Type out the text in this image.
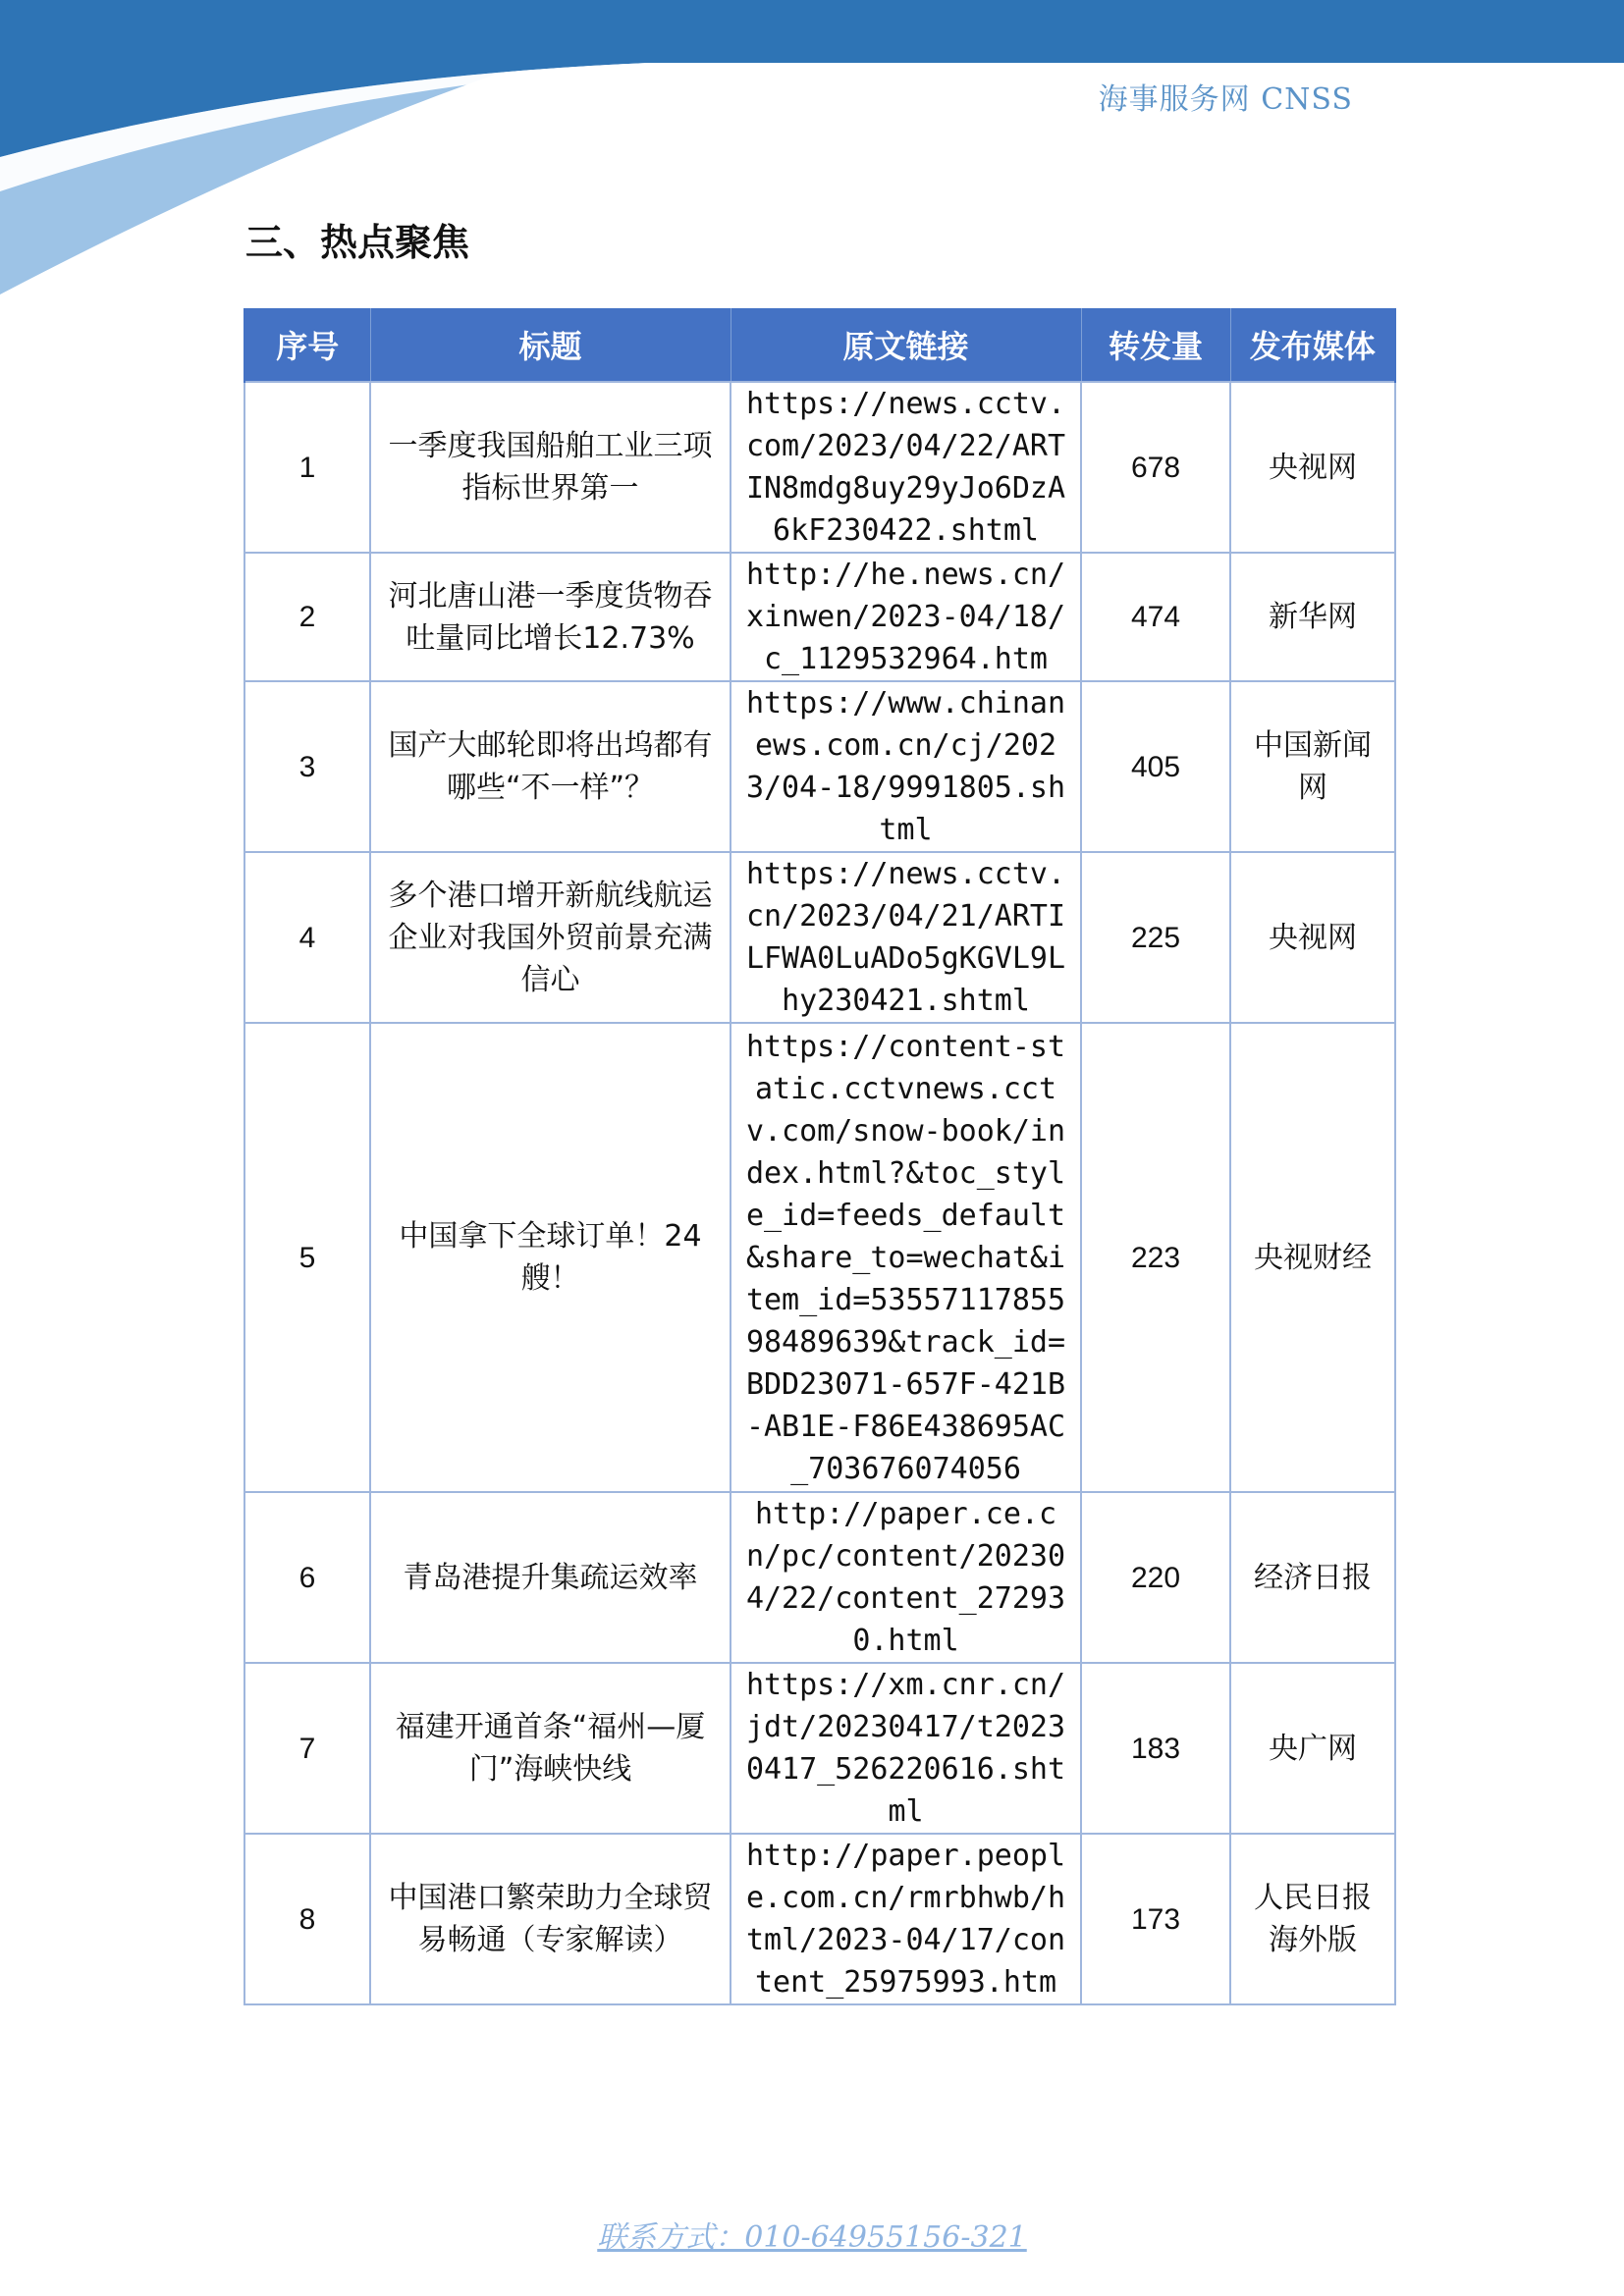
海事服务网 CNSS

三、热点聚焦
序号	标题	原文链接	转发量	发布媒体
1	一季度我国船舶工业三项指标世界第一	https://news.cctv.com/2023/04/22/ARTIN8mdg8uy29yJo6DzA6kF230422.shtml	678	央视网
2	河北唐山港一季度货物吞吐量同比增长12.73%	http://he.news.cn/xinwen/2023-04/18/c_1129532964.htm	474	新华网
3	国产大邮轮即将出坞都有哪些“不一样”？	https://www.chinanews.com.cn/cj/2023/04-18/9991805.shtml	405	中国新闻网
4	多个港口增开新航线航运企业对我国外贸前景充满信心	https://news.cctv.cn/2023/04/21/ARTILFWA0LuADo5gKGVL9Lhy230421.shtml	225	央视网
5	中国拿下全球订单！24艘！	https://content-static.cctvnews.cctv.com/snow-book/index.html?&toc_style_id=feeds_default&share_to=wechat&item_id=5355711785598489639&track_id=BDD23071-657F-421B-AB1E-F86E438695AC_703676074056	223	央视财经
6	青岛港提升集疏运效率	http://paper.ce.cn/pc/content/202304/22/content_272930.html	220	经济日报
7	福建开通首条“福州—厦门”海峡快线	https://xm.cnr.cn/jdt/20230417/t20230417_526220616.shtml	183	央广网
8	中国港口繁荣助力全球贸易畅通（专家解读）	http://paper.people.com.cn/rmrbhwb/html/2023-04/17/content_25975993.htm	173	人民日报海外版

联系方式：010-64955156-321
